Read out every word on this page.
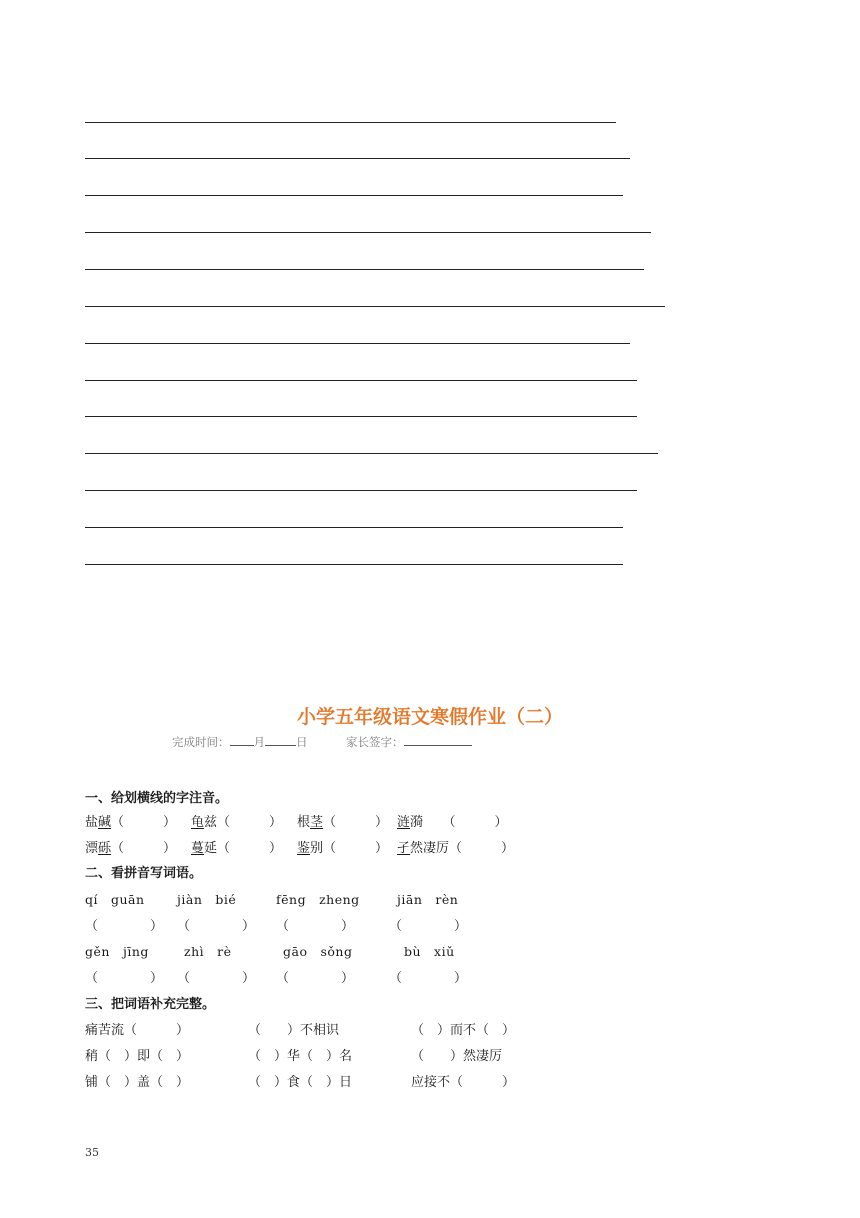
小学五年级语文寒假作业（二）
完成时间： 月	日	家长签字：
一、给划横线的字注音。
盐碱（　　　） 龟兹（　　　） 根茎（　　　） 涟漪　　（　　　）
漂砾（　　　） 蔓延（　　　） 鉴别（　　　） 孑然凄厉（　　　）
二、看拼音写词语。
qí　guān	jiàn　bié	fēng　zheng	jiān　rèn
（　　　　） （　　　　） （　　　　）	（　　　　）
gěn　jīng	zhì　rè	gāo　sǒng	bù　xiǔ
（　　　　） （　　　　） （　　　　）	（　　　　）
三、把词语补充完整。
痛苦流（　　　）	（　　）不相识	（　）而不（　）
稍（　）即（　）	（　）华（　）名	（　　）然凄厉
铺（　）盖（　）	（　）食（　）日	应接不（　　　）
35
